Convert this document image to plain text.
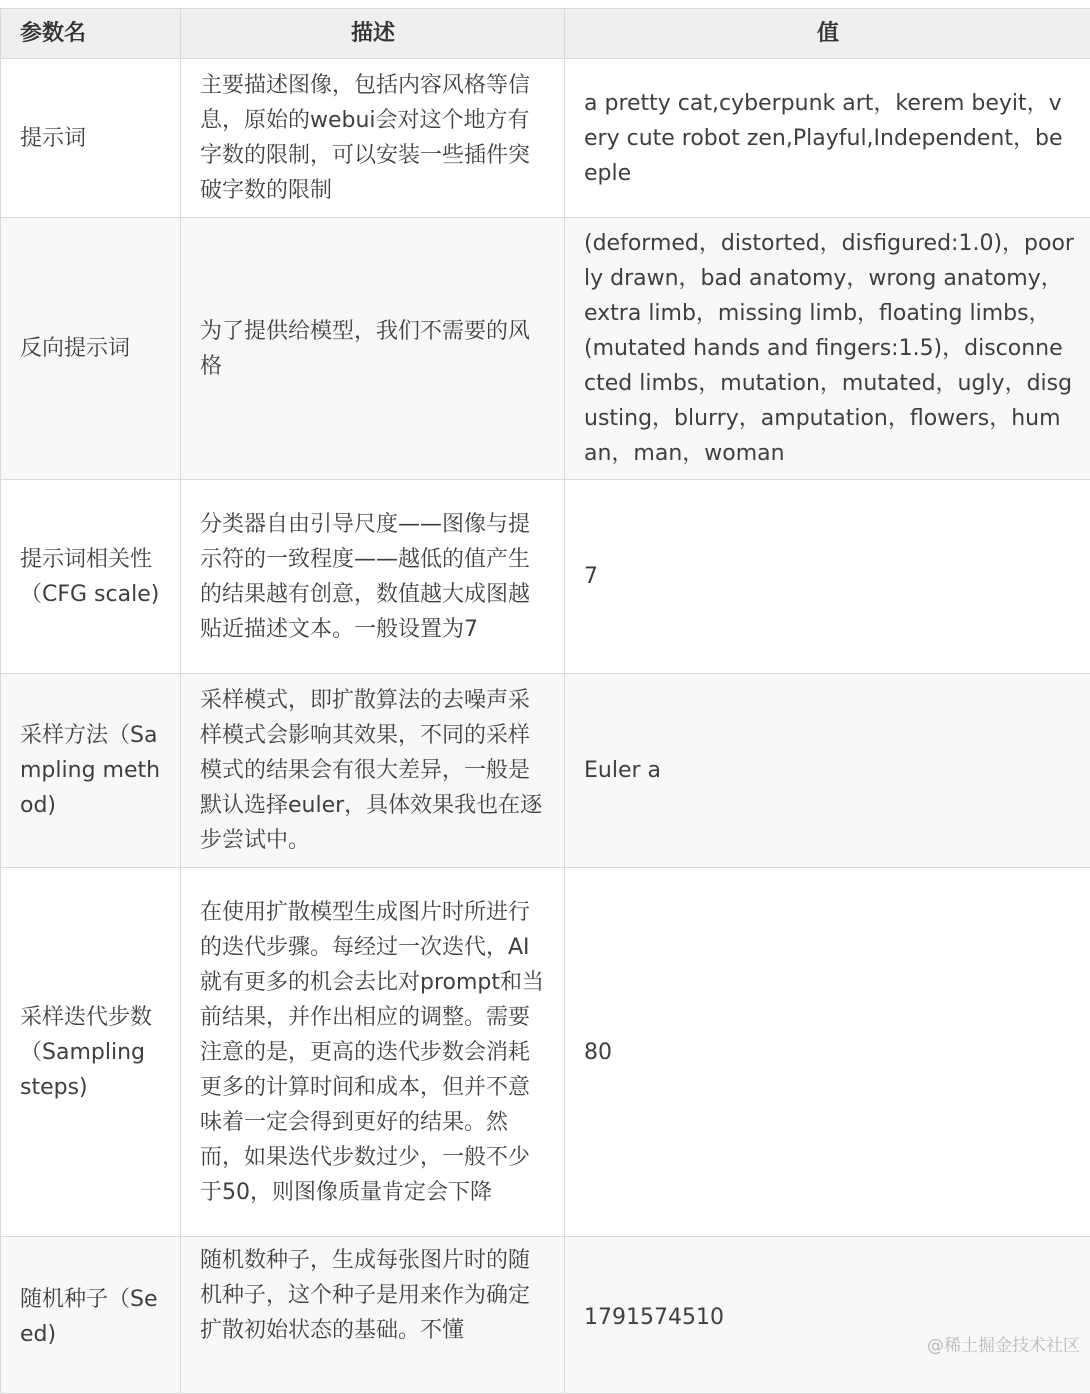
参数名	描述	值
提示词	主要描述图像，包括内容风格等信息，原始的webui会对这个地方有字数的限制，可以安装一些插件突破字数的限制	a pretty cat,cyberpunk art，kerem beyit，very cute robot zen,Playful,Independent，beeple
反向提示词	为了提供给模型，我们不需要的风格	(deformed，distorted，disfigured:1.0)，poorly drawn，bad anatomy，wrong anatomy，extra limb，missing limb，floating limbs，(mutated hands and fingers:1.5)，disconnected limbs，mutation，mutated，ugly，disgusting，blurry，amputation，flowers，human，man，woman
提示词相关性（CFG scale)	分类器自由引导尺度——图像与提示符的一致程度——越低的值产生的结果越有创意，数值越大成图越贴近描述文本。一般设置为7	7
采样方法（Sampling method)	采样模式，即扩散算法的去噪声采样模式会影响其效果，不同的采样模式的结果会有很大差异，一般是默认选择euler，具体效果我也在逐步尝试中。	Euler a
采样迭代步数（Sampling steps)	在使用扩散模型生成图片时所进行的迭代步骤。每经过一次迭代，AI就有更多的机会去比对prompt和当前结果，并作出相应的调整。需要注意的是，更高的迭代步数会消耗更多的计算时间和成本，但并不意味着一定会得到更好的结果。然而，如果迭代步数过少，一般不少于50，则图像质量肯定会下降	80
随机种子（Seed)	随机数种子，生成每张图片时的随机种子，这个种子是用来作为确定扩散初始状态的基础。不懂	1791574510
@稀土掘金技术社区
